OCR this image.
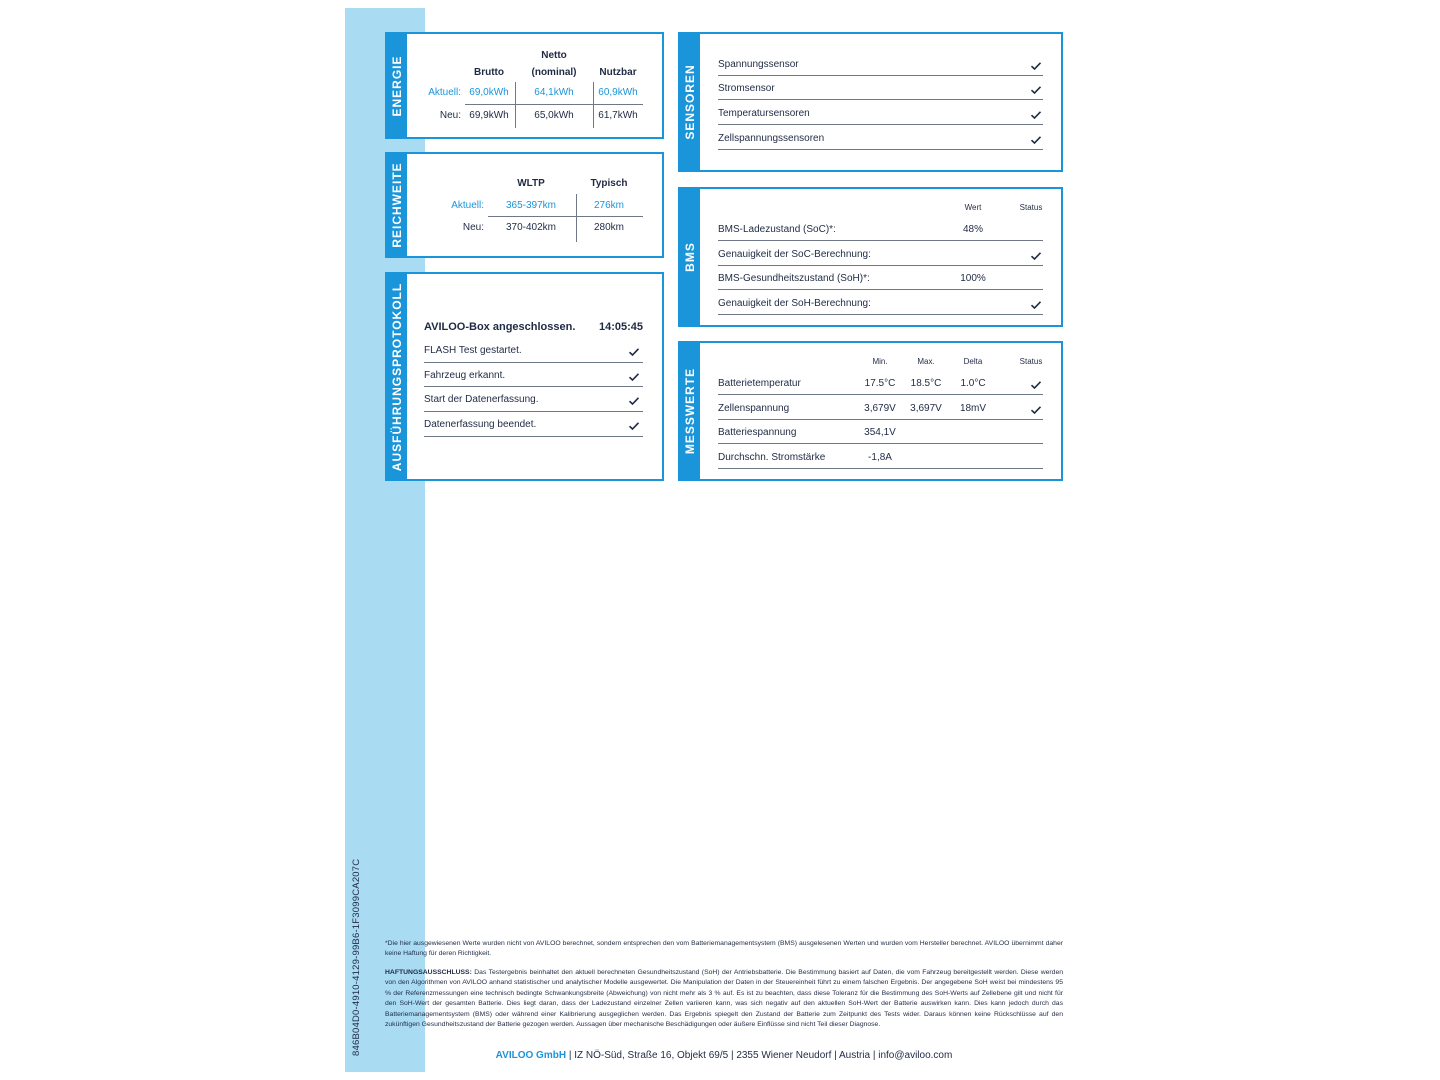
846B04D0-4910-4129-99B6-1F3099CA207C
ENERGIE	Brutto
Netto
(nominal) Nutzbar
Aktuell: 69,0kWh	64,1kWh 60,9kWh
Neu: 69,9kWh	65,0kWh 61,7kWh
REICHWEITE	WLTP	Typisch
Aktuell: 365-397km	276km
Neu: 370-402km	280km
AUSFÜHRUNGSPROTOKOLL AVILOO-Box angeschlossen. 14:05:45
FLASH Test gestartet.
Fahrzeug erkannt.
Start der Datenerfassung.
Datenerfassung beendet.
SENSOREN Spannungssensor
Stromsensor
Temperatursensoren
Zellspannungssensoren
BMS
Wert	Status
BMS-Ladezustand (SoC)*:	48%
Genauigkeit der SoC-Berechnung:
BMS-Gesundheitszustand (SoH)*:	100%
Genauigkeit der SoH-Berechnung:
MESSWERTE
Min.	Max.	Delta	Status
Batterietemperatur	17.5°C 18.5°C 1.0°C
Zellenspannung	3,679V 3,697V 18mV
Batteriespannung	354,1V
Durchschn. Stromstärke	-1,8A
*Die hier ausgewiesenen Werte wurden nicht von AVILOO berechnet, sondern entsprechen den vom Batteriemanagementsystem (BMS) ausgelesenen Werten und wurden vom Hersteller berechnet. AVILOO übernimmt daher keine Haftung für deren Richtigkeit.
HAFTUNGSAUSSCHLUSS: Das Testergebnis beinhaltet den aktuell berechneten Gesundheitszustand (SoH) der Antriebsbatterie. Die Bestimmung basiert auf Daten, die vom Fahrzeug bereitgestellt werden. Diese werden von den Algorithmen von AVILOO anhand statistischer und analytischer Modelle ausgewertet. Die Manipulation der Daten in der Steuereinheit führt zu einem falschen Ergebnis. Der angegebene SoH weist bei mindestens 95 % der Referenzmessungen eine technisch bedingte Schwankungsbreite (Abweichung) von nicht mehr als 3 % auf. Es ist zu beachten, dass diese Toleranz für die Bestimmung des SoH-Werts auf Zellebene gilt und nicht für den SoH-Wert der gesamten Batterie. Dies liegt daran, dass der Ladezustand einzelner Zellen variieren kann, was sich negativ auf den aktuellen SoH-Wert der Batterie auswirken kann. Dies kann jedoch durch das Batteriemanagementsystem (BMS) oder während einer Kalibrierung ausgeglichen werden. Das Ergebnis spiegelt den Zustand der Batterie zum Zeitpunkt des Tests wider. Daraus können keine Rückschlüsse auf den zukünftigen Gesundheitszustand der Batterie gezogen werden. Aussagen über mechanische Beschädigungen oder äußere Einflüsse sind nicht Teil dieser Diagnose.
AVILOO GmbH | IZ NÖ-Süd, Straße 16, Objekt 69/5 | 2355 Wiener Neudorf | Austria | info@aviloo.com
